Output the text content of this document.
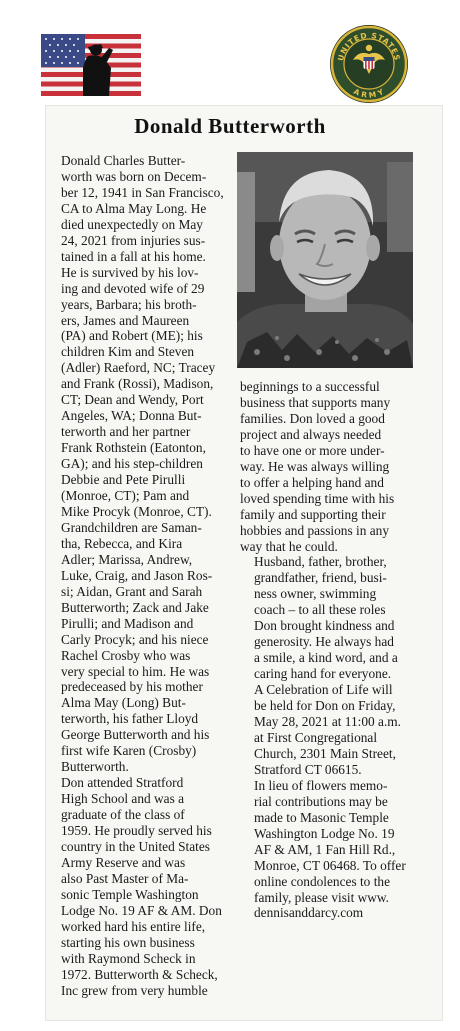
UNITED STATES
ARMY
Donald Butterworth

Donald Charles Butter-
worth was born on Decem-
ber 12, 1941 in San Francisco,
CA to Alma May Long. He
died unexpectedly on May
24, 2021 from injuries sus-
tained in a fall at his home.

He is survived by his lov-
ing and devoted wife of 29
years, Barbara; his broth-
ers, James and Maureen
(PA) and Robert (ME); his
children Kim and Steven
(Adler) Raeford, NC; Tracey
and Frank (Rossi), Madison,
CT; Dean and Wendy, Port
Angeles, WA; Donna But-
terworth and her partner
Frank Rothstein (Eatonton,
GA); and his step-children
Debbie and Pete Pirulli
(Monroe, CT); Pam and
Mike Procyk (Monroe, CT).
Grandchildren are Saman-
tha, Rebecca, and Kira
Adler; Marissa, Andrew,
Luke, Craig, and Jason Ros-
si; Aidan, Grant and Sarah
Butterworth; Zack and Jake
Pirulli; and Madison and
Carly Procyk; and his niece
Rachel Crosby who was
very special to him. He was
predeceased by his mother
Alma May (Long) But-
terworth, his father Lloyd
George Butterworth and his
first wife Karen (Crosby)
Butterworth.

Don attended Stratford
High School and was a
graduate of the class of
1959. He proudly served his
country in the United States
Army Reserve and was
also Past Master of Ma-
sonic Temple Washington
Lodge No. 19 AF & AM. Don
worked hard his entire life,
starting his own business
with Raymond Scheck in
1972. Butterworth & Scheck,
Inc grew from very humble

beginnings to a successful
business that supports many
families. Don loved a good
project and always needed
to have one or more under-
way. He was always willing
to offer a helping hand and
loved spending time with his
family and supporting their
hobbies and passions in any
way that he could.

Husband, father, brother,
grandfather, friend, busi-
ness owner, swimming
coach – to all these roles
Don brought kindness and
generosity. He always had
a smile, a kind word, and a
caring hand for everyone.

A Celebration of Life will
be held for Don on Friday,
May 28, 2021 at 11:00 a.m.
at First Congregational
Church, 2301 Main Street,
Stratford CT 06615.

In lieu of flowers memo-
rial contributions may be
made to Masonic Temple
Washington Lodge No. 19
AF & AM, 1 Fan Hill Rd.,
Monroe, CT 06468. To offer
online condolences to the
family, please visit www.
dennisanddarcy.com
